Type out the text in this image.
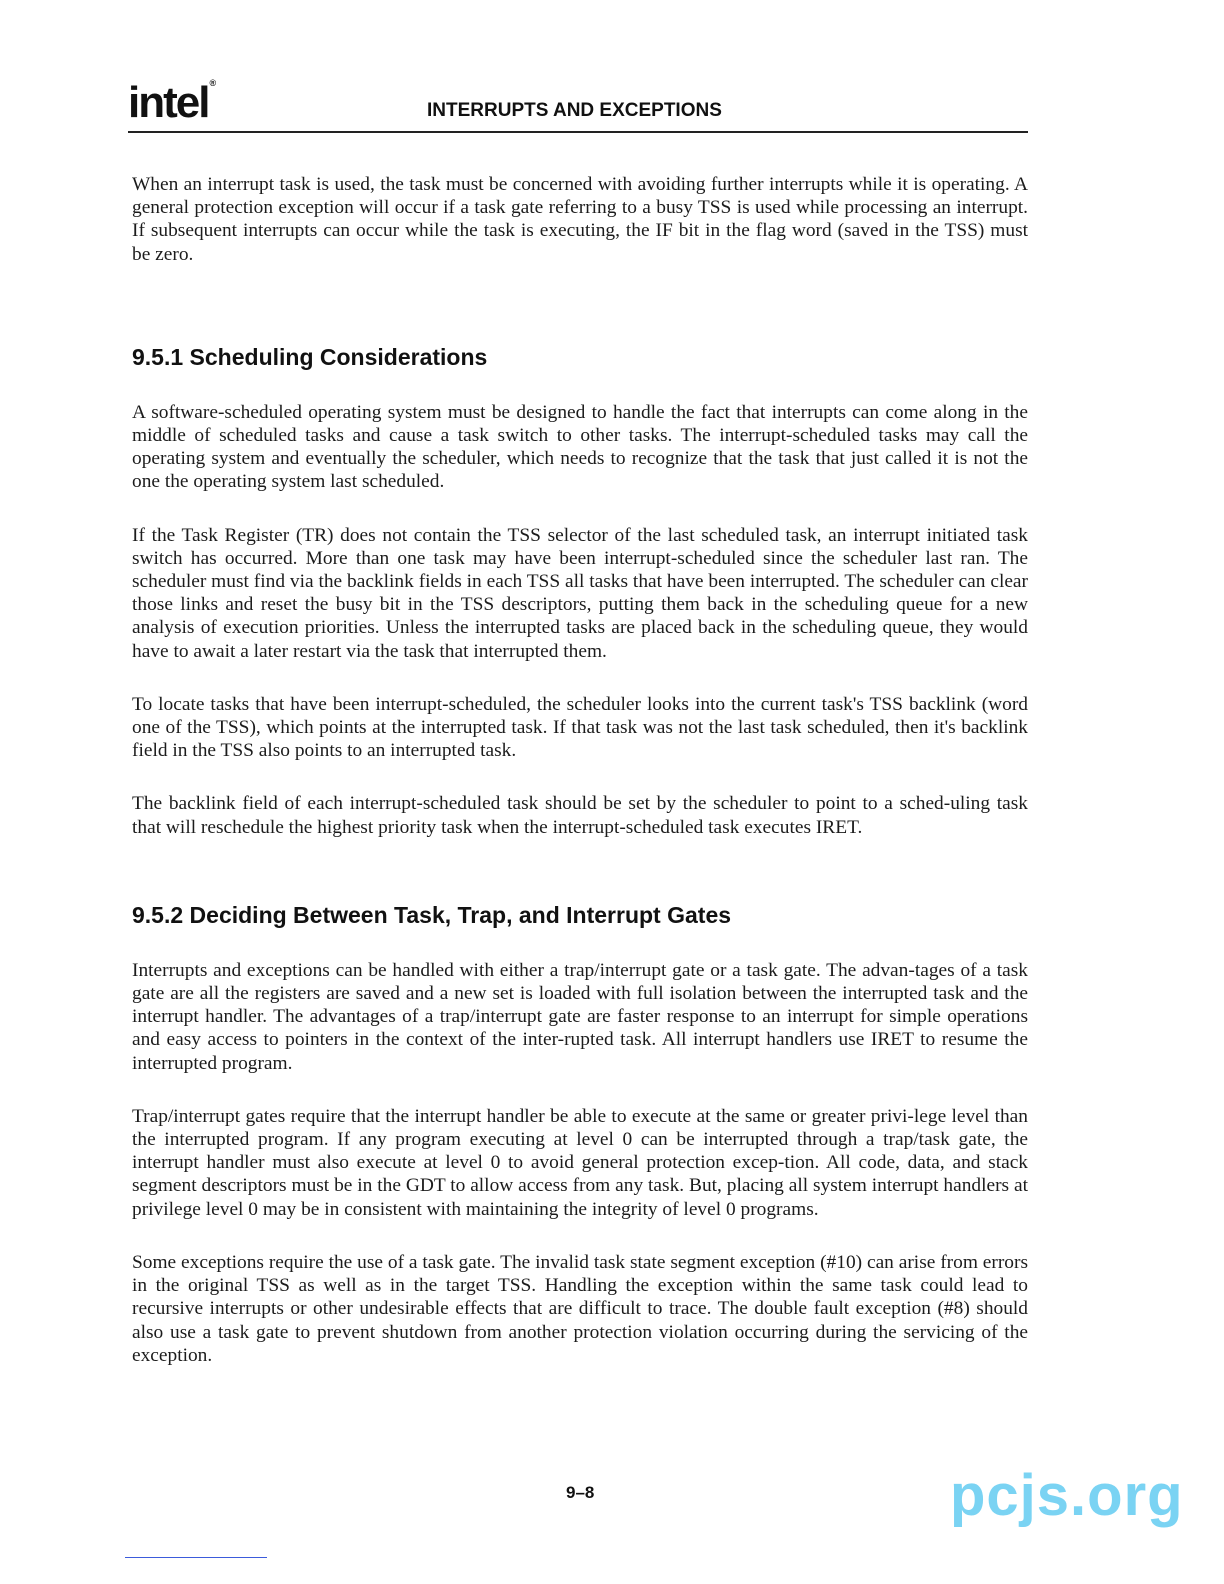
intel®
INTERRUPTS AND EXCEPTIONS

When an interrupt task is used, the task must be concerned with avoiding further interrupts while it is operating. A general protection exception will occur if a task gate referring to a busy TSS is used while processing an interrupt. If subsequent interrupts can occur while the task is executing, the IF bit in the flag word (saved in the TSS) must be zero.

9.5.1 Scheduling Considerations

A software-scheduled operating system must be designed to handle the fact that interrupts can come along in the middle of scheduled tasks and cause a task switch to other tasks. The interrupt-scheduled tasks may call the operating system and eventually the scheduler, which needs to recognize that the task that just called it is not the one the operating system last scheduled.

If the Task Register (TR) does not contain the TSS selector of the last scheduled task, an interrupt initiated task switch has occurred. More than one task may have been interrupt-scheduled since the scheduler last ran. The scheduler must find via the backlink fields in each TSS all tasks that have been interrupted. The scheduler can clear those links and reset the busy bit in the TSS descriptors, putting them back in the scheduling queue for a new analysis of execution priorities. Unless the interrupted tasks are placed back in the scheduling queue, they would have to await a later restart via the task that interrupted them.

To locate tasks that have been interrupt-scheduled, the scheduler looks into the current task's TSS backlink (word one of the TSS), which points at the interrupted task. If that task was not the last task scheduled, then it's backlink field in the TSS also points to an interrupted task.

The backlink field of each interrupt-scheduled task should be set by the scheduler to point to a sched-uling task that will reschedule the highest priority task when the interrupt-scheduled task executes IRET.

9.5.2 Deciding Between Task, Trap, and Interrupt Gates

Interrupts and exceptions can be handled with either a trap/interrupt gate or a task gate. The advan-tages of a task gate are all the registers are saved and a new set is loaded with full isolation between the interrupted task and the interrupt handler. The advantages of a trap/interrupt gate are faster response to an interrupt for simple operations and easy access to pointers in the context of the inter-rupted task. All interrupt handlers use IRET to resume the interrupted program.

Trap/interrupt gates require that the interrupt handler be able to execute at the same or greater privi-lege level than the interrupted program. If any program executing at level 0 can be interrupted through a trap/task gate, the interrupt handler must also execute at level 0 to avoid general protection excep-tion. All code, data, and stack segment descriptors must be in the GDT to allow access from any task. But, placing all system interrupt handlers at privilege level 0 may be in consistent with maintaining the integrity of level 0 programs.

Some exceptions require the use of a task gate. The invalid task state segment exception (#10) can arise from errors in the original TSS as well as in the target TSS. Handling the exception within the same task could lead to recursive interrupts or other undesirable effects that are difficult to trace. The double fault exception (#8) should also use a task gate to prevent shutdown from another protection violation occurring during the servicing of the exception.

9–8	pcjs.org
